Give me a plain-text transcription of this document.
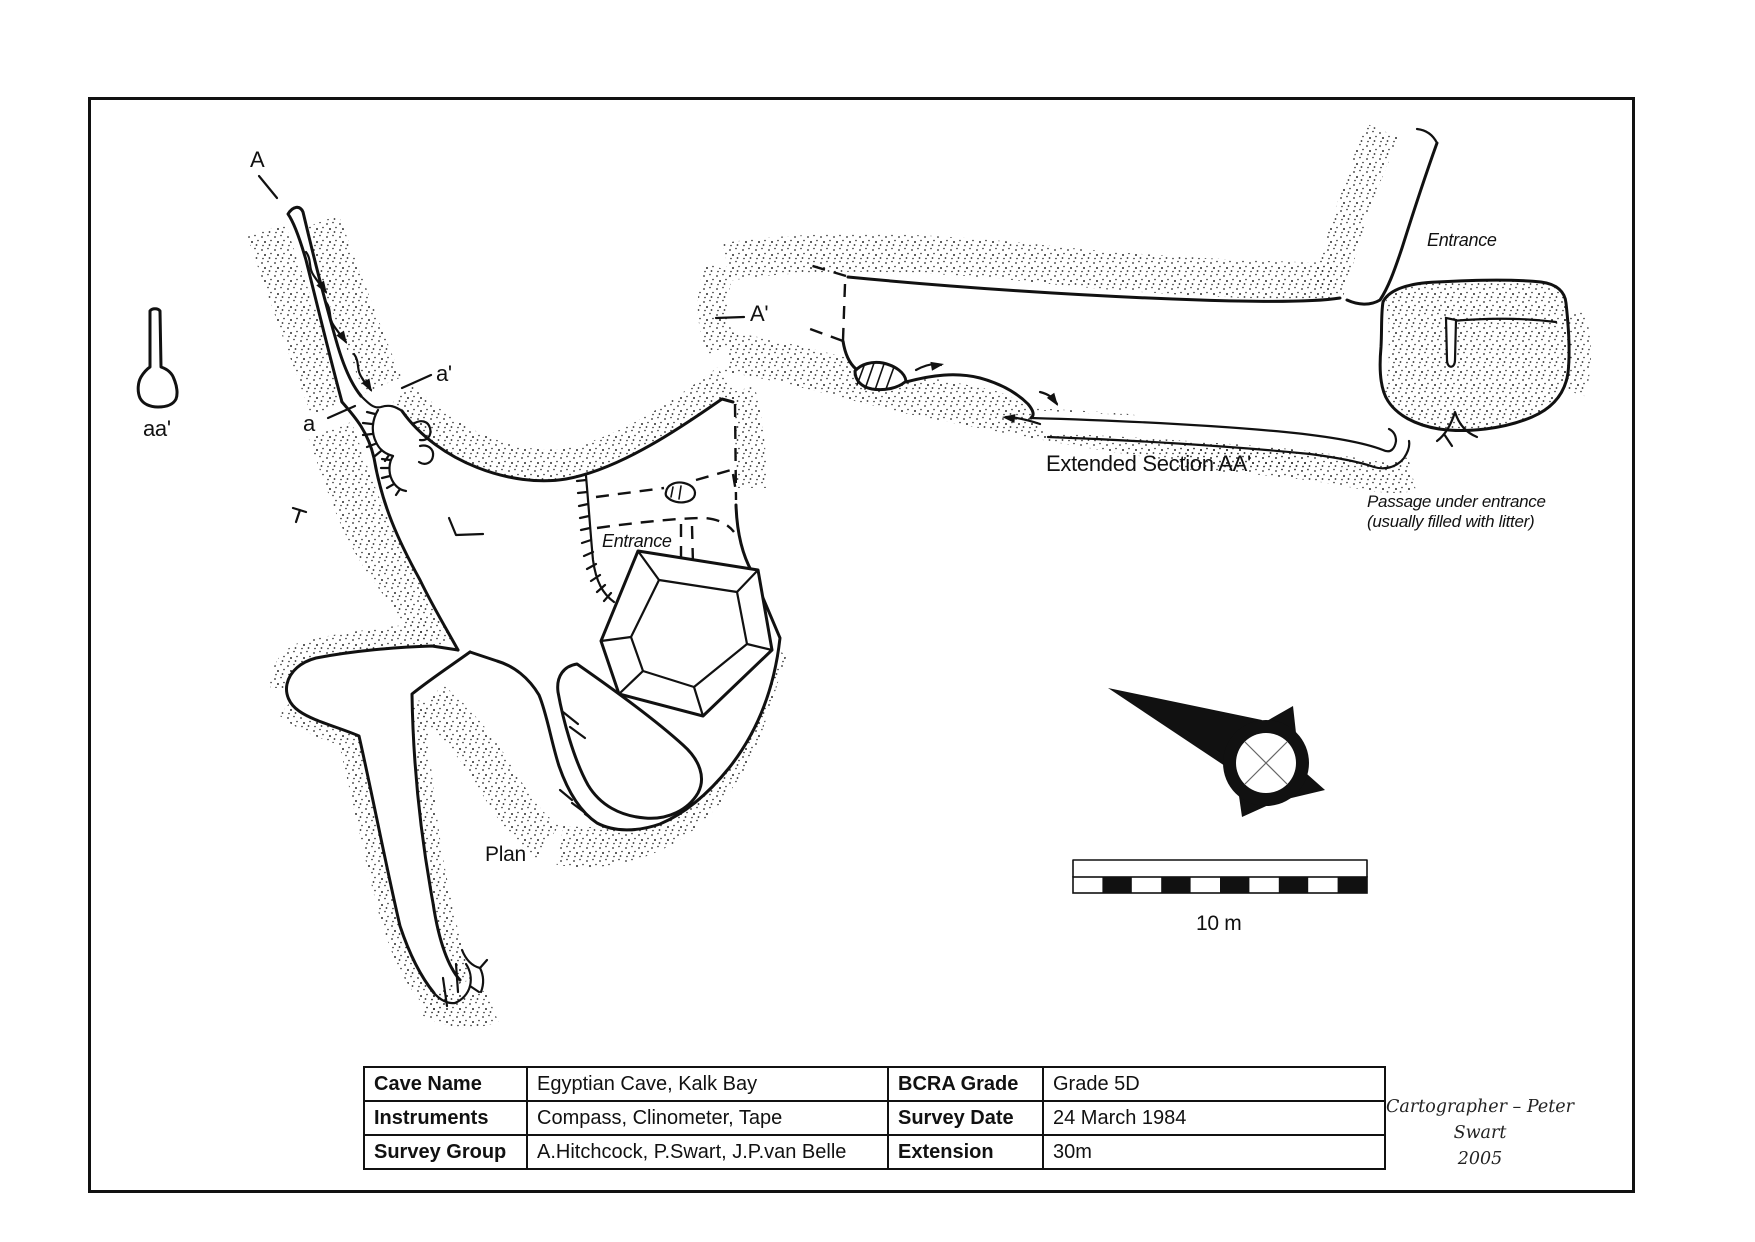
A
aa'	a
a'
Entrance
Plan
A'
Extended Section AA'
Entrance
Passage under entrance
(usually filled with litter)
10 m
Cave Name	Egyptian Cave, Kalk Bay	BCRA Grade	Grade 5D
Instruments	Compass, Clinometer, Tape	Survey Date	24 March 1984
Survey Group	A.Hitchcock, P.Swart, J.P.van Belle	Extension	30m
Cartographer – Peter Swart
2005
